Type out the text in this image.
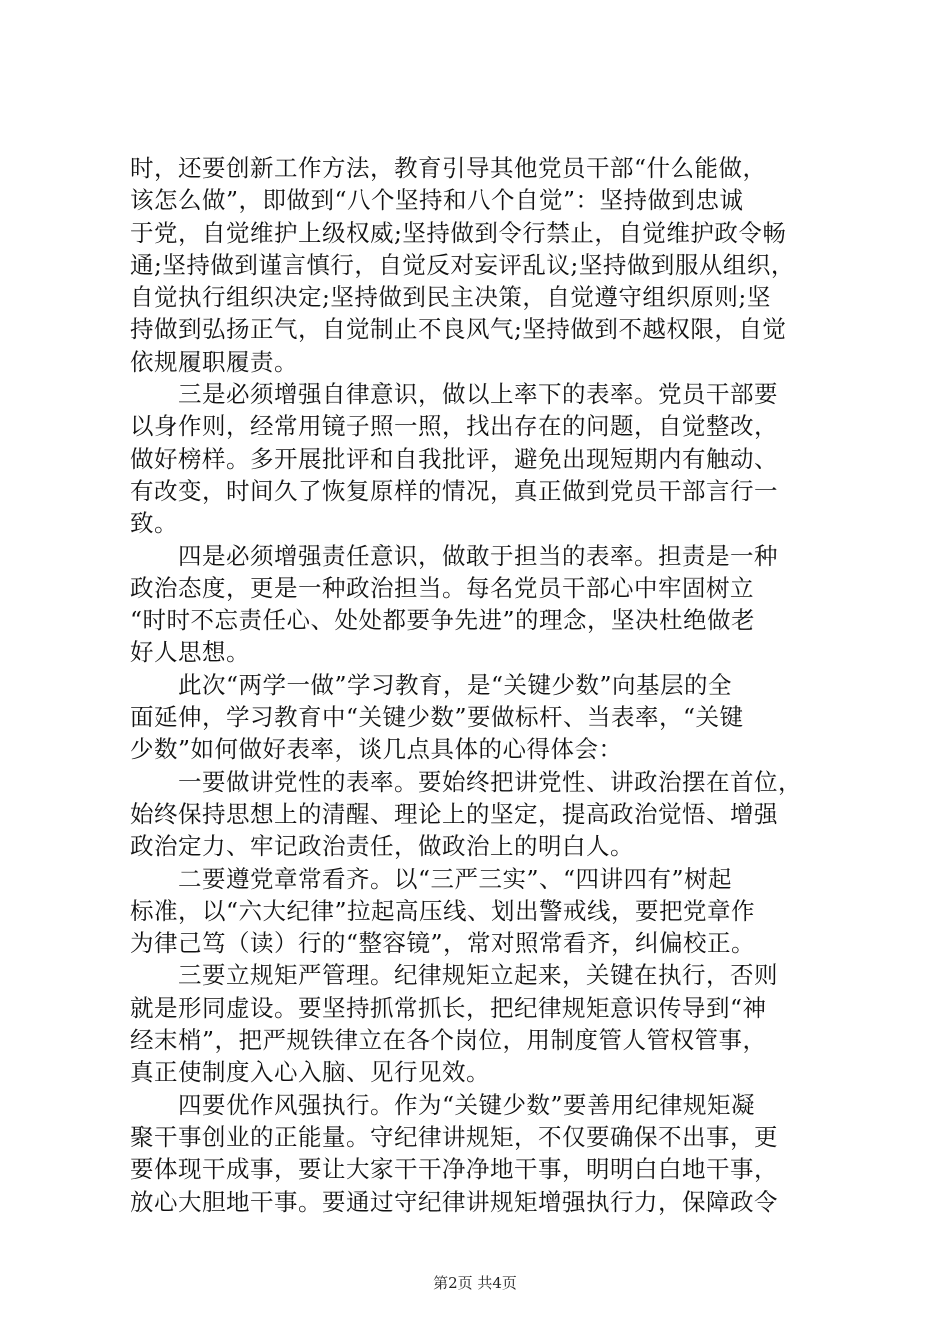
时，还要创新工作方法，教育引导其他党员干部“什么能做，
该怎么做”，即做到“八个坚持和八个自觉”：坚持做到忠诚
于党，自觉维护上级权威;坚持做到令行禁止，自觉维护政令畅
通;坚持做到谨言慎行，自觉反对妄评乱议;坚持做到服从组织，
自觉执行组织决定;坚持做到民主决策，自觉遵守组织原则;坚
持做到弘扬正气，自觉制止不良风气;坚持做到不越权限，自觉
依规履职履责。
　　三是必须增强自律意识，做以上率下的表率。党员干部要
以身作则，经常用镜子照一照，找出存在的问题，自觉整改，
做好榜样。多开展批评和自我批评，避免出现短期内有触动、
有改变，时间久了恢复原样的情况，真正做到党员干部言行一
致。
　　四是必须增强责任意识，做敢于担当的表率。担责是一种
政治态度，更是一种政治担当。每名党员干部心中牢固树立
“时时不忘责任心、处处都要争先进”的理念，坚决杜绝做老
好人思想。
　　此次“两学一做”学习教育，是“关键少数”向基层的全
面延伸，学习教育中“关键少数”要做标杆、当表率，“关键
少数”如何做好表率，谈几点具体的心得体会：
　　一要做讲党性的表率。要始终把讲党性、讲政治摆在首位，
始终保持思想上的清醒、理论上的坚定，提高政治觉悟、增强
政治定力、牢记政治责任，做政治上的明白人。
　　二要遵党章常看齐。以“三严三实”、“四讲四有”树起
标准，以“六大纪律”拉起高压线、划出警戒线，要把党章作
为律己笃（读）行的“整容镜”，常对照常看齐，纠偏校正。
　　三要立规矩严管理。纪律规矩立起来，关键在执行，否则
就是形同虚设。要坚持抓常抓长，把纪律规矩意识传导到“神
经末梢”，把严规铁律立在各个岗位，用制度管人管权管事，
真正使制度入心入脑、见行见效。
　　四要优作风强执行。作为“关键少数”要善用纪律规矩凝
聚干事创业的正能量。守纪律讲规矩，不仅要确保不出事，更
要体现干成事，要让大家干干净净地干事，明明白白地干事，
放心大胆地干事。要通过守纪律讲规矩增强执行力，保障政令
第2页 共4页
